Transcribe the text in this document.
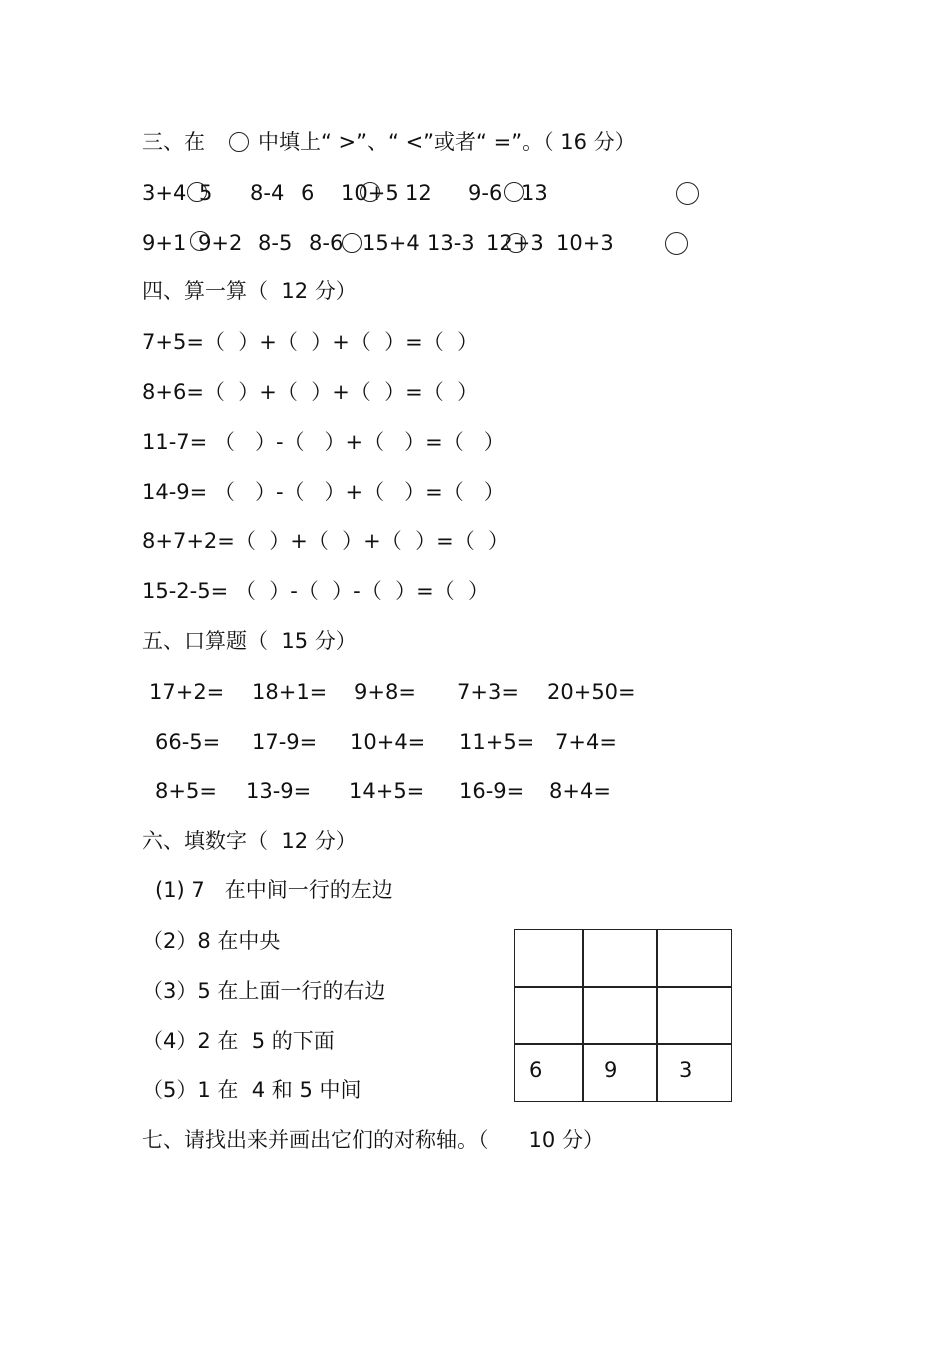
三、在	中填上“ >”、“ <”或者“ =”。（ 16 分）
3+4 5 8-4 6 10+5 12 9-6 13
9+1 9+2 8-5 8-6 15+4 13-3 12+3 10+3
四、算一算（  12 分）
7+5=（  ）+（  ）+（  ）=（  ）
8+6=（  ）+（  ）+（  ）=（  ）
11-7= （   ）-（   ）+（   ）=（   ）
14-9= （   ）-（   ）+（   ）=（   ）
8+7+2=（  ）+（  ）+（  ）=（  ）
15-2-5= （  ）-（  ）-（  ）=（  ）
五、口算题（  15 分）
17+2= 18+1= 9+8= 7+3= 20+50=
66-5= 17-9= 10+4= 11+5= 7+4=
8+5= 13-9= 14+5= 16-9= 8+4=
六、填数字（  12 分）
(1) 7   在中间一行的左边
（2）8 在中央
（3）5 在上面一行的右边
（4）2 在  5 的下面
（5）1 在  4 和 5 中间
6	9	3
七、请找出来并画出它们的对称轴。（      10 分）
